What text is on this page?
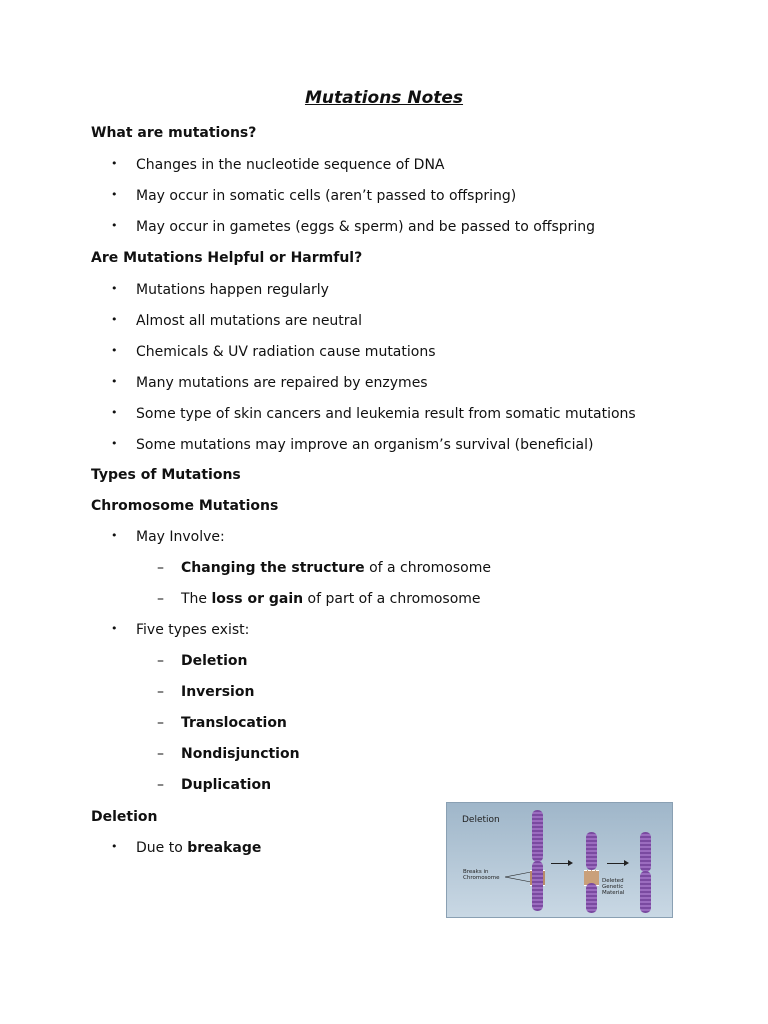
Mutations Notes
What are mutations?
• Changes in the nucleotide sequence of DNA
• May occur in somatic cells (aren’t passed to offspring)
• May occur in gametes (eggs & sperm) and be passed to offspring
Are Mutations Helpful or Harmful?
• Mutations happen regularly
• Almost all mutations are neutral
• Chemicals & UV radiation cause mutations
• Many mutations are repaired by enzymes
• Some type of skin cancers and leukemia result from somatic mutations
• Some mutations may improve an organism’s survival (beneficial)
Types of Mutations
Chromosome Mutations
• May Involve:
– Changing the structure of a chromosome
– The loss or gain of part of a chromosome
• Five types exist:
– Deletion
– Inversion
– Translocation
– Nondisjunction
– Duplication
Deletion
• Due to breakage
Deletion
Breaks in
Chromosome	Deleted
Genetic
Material
